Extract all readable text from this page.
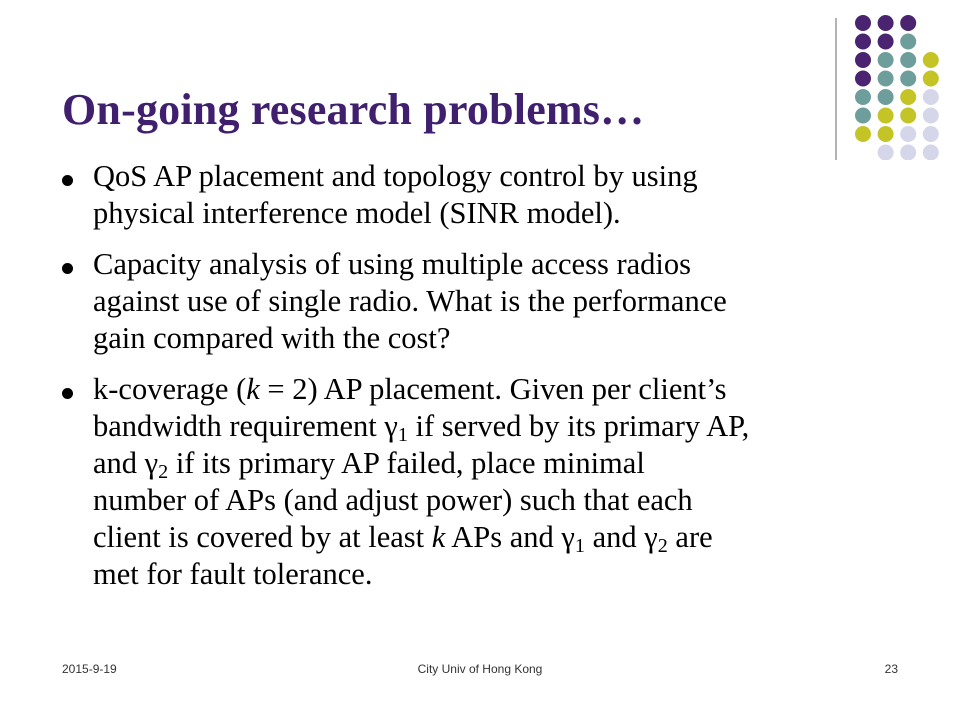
On-going research problems…
QoS AP placement and topology control by using
physical interference model (SINR model).
Capacity analysis of using multiple access radios
against use of single radio. What is the performance
gain compared with the cost?
k-coverage (k = 2) AP placement. Given per client’s
bandwidth requirement $\gamma_1$ if served by its primary AP,
and $\gamma_2$ if its primary AP failed, place minimal
number of APs (and adjust power) such that each
client is covered by at least k APs and $\gamma_1$ and $\gamma_2$ are
met for fault tolerance.
2015-9-19	City Univ of Hong Kong	23
